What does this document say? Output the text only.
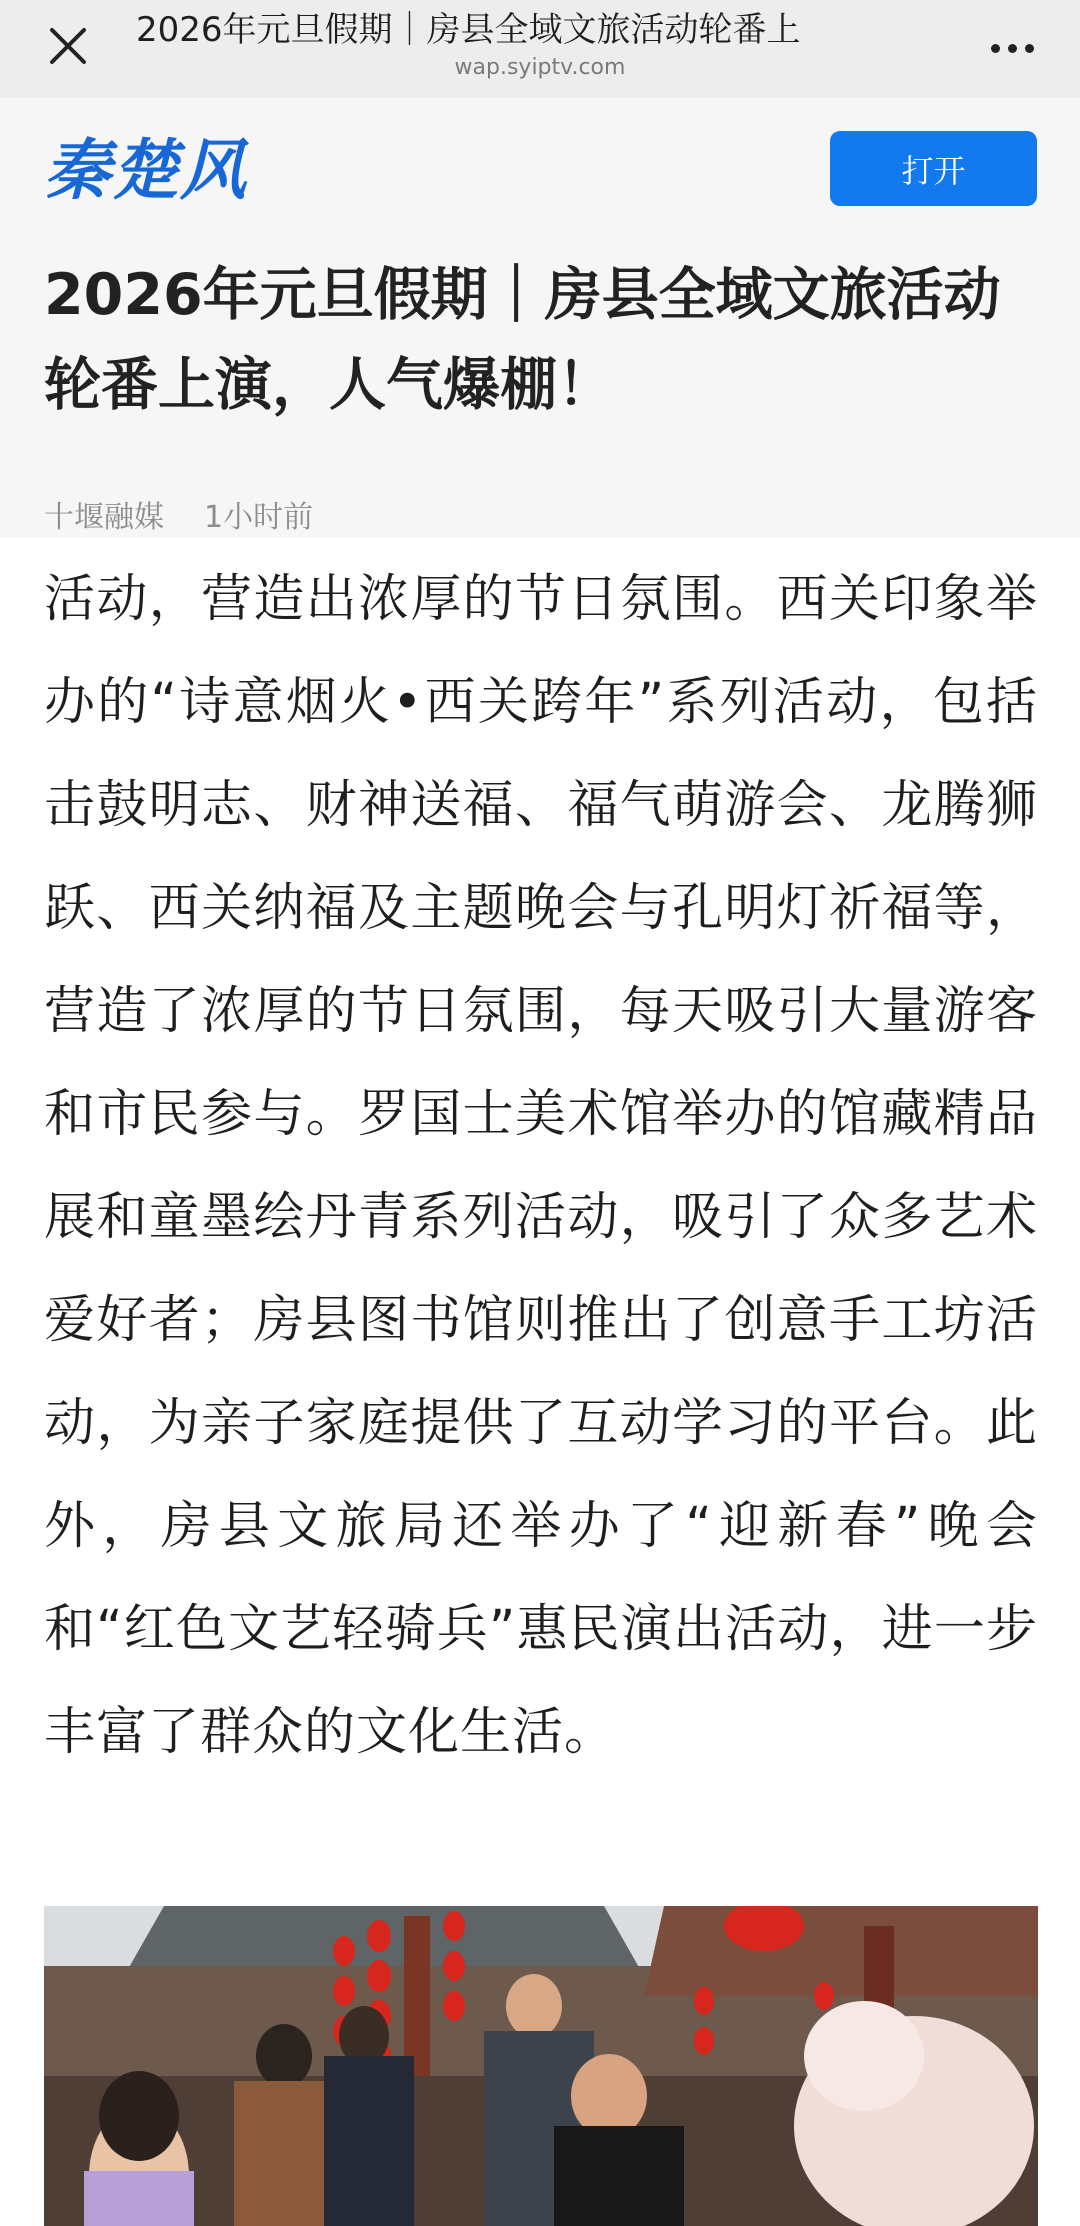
2026年元旦假期｜房县全域文旅活动轮番上
wap.syiptv.com
秦楚风	打开
2026年元旦假期｜房县全域文旅活动轮番上演，人气爆棚！
十堰融媒 1小时前
活动，营造出浓厚的节日氛围。西关印象举办的“诗意烟火•西关跨年”系列活动，包括击鼓明志、财神送福、福气萌游会、龙腾狮跃、西关纳福及主题晚会与孔明灯祈福等，营造了浓厚的节日氛围，每天吸引大量游客和市民参与。罗国士美术馆举办的馆藏精品展和童墨绘丹青系列活动，吸引了众多艺术爱好者；房县图书馆则推出了创意手工坊活动，为亲子家庭提供了互动学习的平台。此外，房县文旅局还举办了“迎新春”晚会和“红色文艺轻骑兵”惠民演出活动，进一步丰富了群众的文化生活。
